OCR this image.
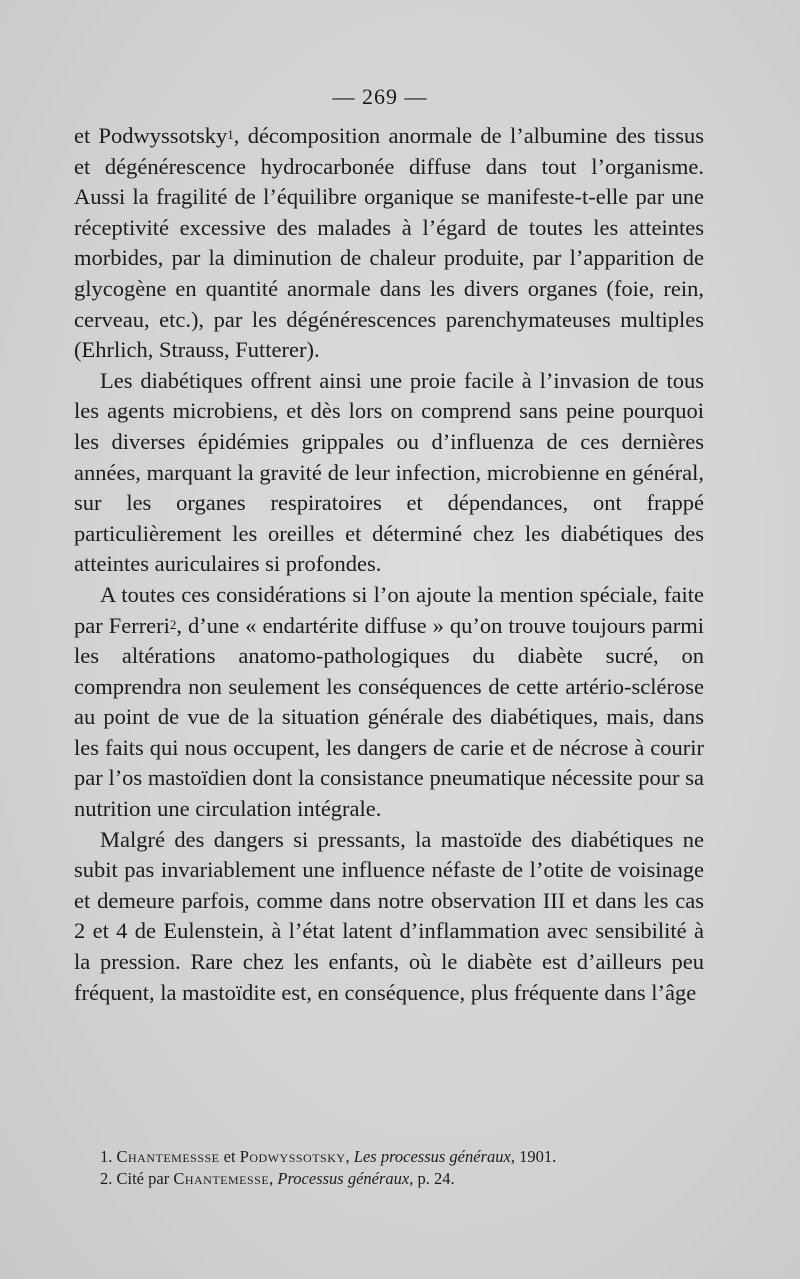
— 269 —

et Podwyssotsky$^1$, décomposition anormale de l’albumine des tissus et dégénérescence hydrocarbonée diffuse dans tout l’organisme. Aussi la fragilité de l’équilibre organique se manifeste-t-elle par une réceptivité excessive des malades à l’égard de toutes les atteintes morbides, par la diminution de chaleur produite, par l’apparition de glycogène en quantité anormale dans les divers organes (foie, rein, cerveau, etc.), par les dégénérescences parenchymateuses multiples (Ehrlich, Strauss, Futterer).

Les diabétiques offrent ainsi une proie facile à l’invasion de tous les agents microbiens, et dès lors on comprend sans peine pourquoi les diverses épidémies grippales ou d’influenza de ces dernières années, marquant la gravité de leur infection, microbienne en général, sur les organes respiratoires et dépendances, ont frappé particulièrement les oreilles et déterminé chez les diabétiques des atteintes auriculaires si profondes.

A toutes ces considérations si l’on ajoute la mention spéciale, faite par Ferreri$^2$, d’une « endartérite diffuse » qu’on trouve toujours parmi les altérations anatomo-pathologiques du diabète sucré, on comprendra non seulement les conséquences de cette artério-sclérose au point de vue de la situation générale des diabétiques, mais, dans les faits qui nous occupent, les dangers de carie et de nécrose à courir par l’os mastoïdien dont la consistance pneumatique nécessite pour sa nutrition une circulation intégrale.

Malgré des dangers si pressants, la mastoïde des diabétiques ne subit pas invariablement une influence néfaste de l’otite de voisinage et demeure parfois, comme dans notre observation III et dans les cas 2 et 4 de Eulenstein, à l’état latent d’inflammation avec sensibilité à la pression. Rare chez les enfants, où le diabète est d’ailleurs peu fréquent, la mastoïdite est, en conséquence, plus fréquente dans l’âge

1. Chantemessse et Podwyssotsky, Les processus généraux, 1901.
2. Cité par Chantemesse, Processus généraux, p. 24.
